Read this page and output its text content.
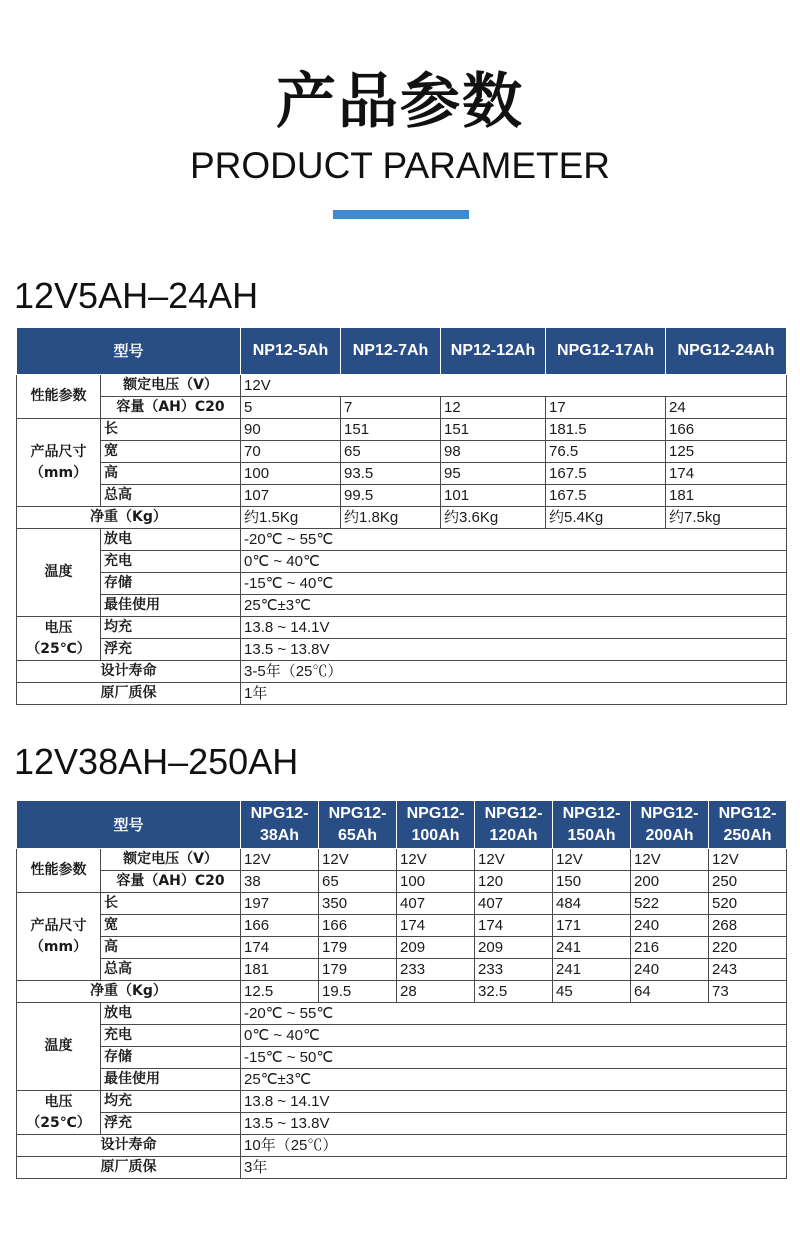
产品参数
PRODUCT PARAMETER
12V5AH–24AH
型号		NP12-5Ah	NP12-7Ah	NP12-12Ah	NPG12-17Ah	NPG12-24Ah
性能参数	额定电压（V）	12V				
	容量（AH）C20	5	7	12	17	24
产品尺寸
（mm）	长	90	151	151	181.5	166
	宽	70	65	98	76.5	125
	高	100	93.5	95	167.5	174
	总高	107	99.5	101	167.5	181
净重（Kg）		约1.5Kg	约1.8Kg	约3.6Kg	约5.4Kg	约7.5kg
温度	放电	-20℃ ~ 55℃				
	充电	0℃ ~ 40℃				
	存储	-15℃ ~ 40℃				
	最佳使用	25℃±3℃				
电压
（25℃）	均充	13.8 ~ 14.1V				
	浮充	13.5 ~ 13.8V				
设计寿命		3-5年（25℃）				
原厂质保		1年				
12V38AH–250AH
型号		NPG12-38Ah	NPG12-65Ah	NPG12-100Ah	NPG12-120Ah	NPG12-150Ah	NPG12-200Ah	NPG12-250Ah
性能参数	额定电压（V）	12V	12V	12V	12V	12V	12V	12V
	容量（AH）C20	38	65	100	120	150	200	250
产品尺寸
（mm）	长	197	350	407	407	484	522	520
	宽	166	166	174	174	171	240	268
	高	174	179	209	209	241	216	220
	总高	181	179	233	233	241	240	243
净重（Kg）		12.5	19.5	28	32.5	45	64	73
温度	放电	-20℃ ~ 55℃						
	充电	0℃ ~ 40℃						
	存储	-15℃ ~ 50℃						
	最佳使用	25℃±3℃						
电压
（25℃）	均充	13.8 ~ 14.1V						
	浮充	13.5 ~ 13.8V						
设计寿命		10年（25℃）						
原厂质保		3年						
